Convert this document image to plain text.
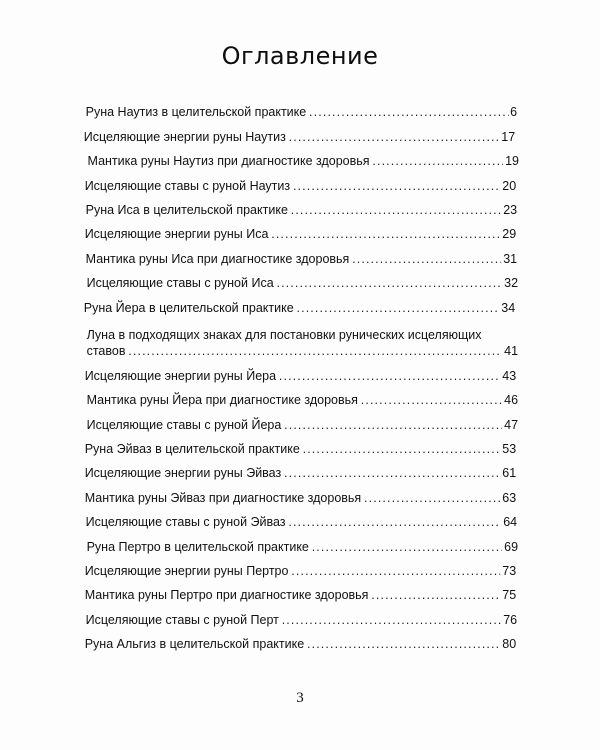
Оглавление
Руна Наутиз в целительской практике .....	6
Исцеляющие энергии руны Наутиз .....	17
Мантика руны Наутиз при диагностике здоровья .....	19
Исцеляющие ставы с руной Наутиз .....	20
Руна Иса в целительской практике .....	23
Исцеляющие энергии руны Иса .....	29
Мантика руны Иса при диагностике здоровья .....	31
Исцеляющие ставы с руной Иса .....	32
Руна Йера в целительской практике .....	34
Луна в подходящих знаках для постановки рунических исцеляющих
ставов .....	41
Исцеляющие энергии руны Йера .....	43
Мантика руны Йера при диагностике здоровья .....	46
Исцеляющие ставы с руной Йера .....	47
Руна Эйваз в целительской практике .....	53
Исцеляющие энергии руны Эйваз .....	61
Мантика руны Эйваз при диагностике здоровья .....	63
Исцеляющие ставы с руной Эйваз .....	64
Руна Пертро в целительской практике .....	69
Исцеляющие энергии руны Пертро .....	73
Мантика руны Пертро при диагностике здоровья .....	75
Исцеляющие ставы с руной Перт .....	76
Руна Альгиз в целительской практике .....	80
3
